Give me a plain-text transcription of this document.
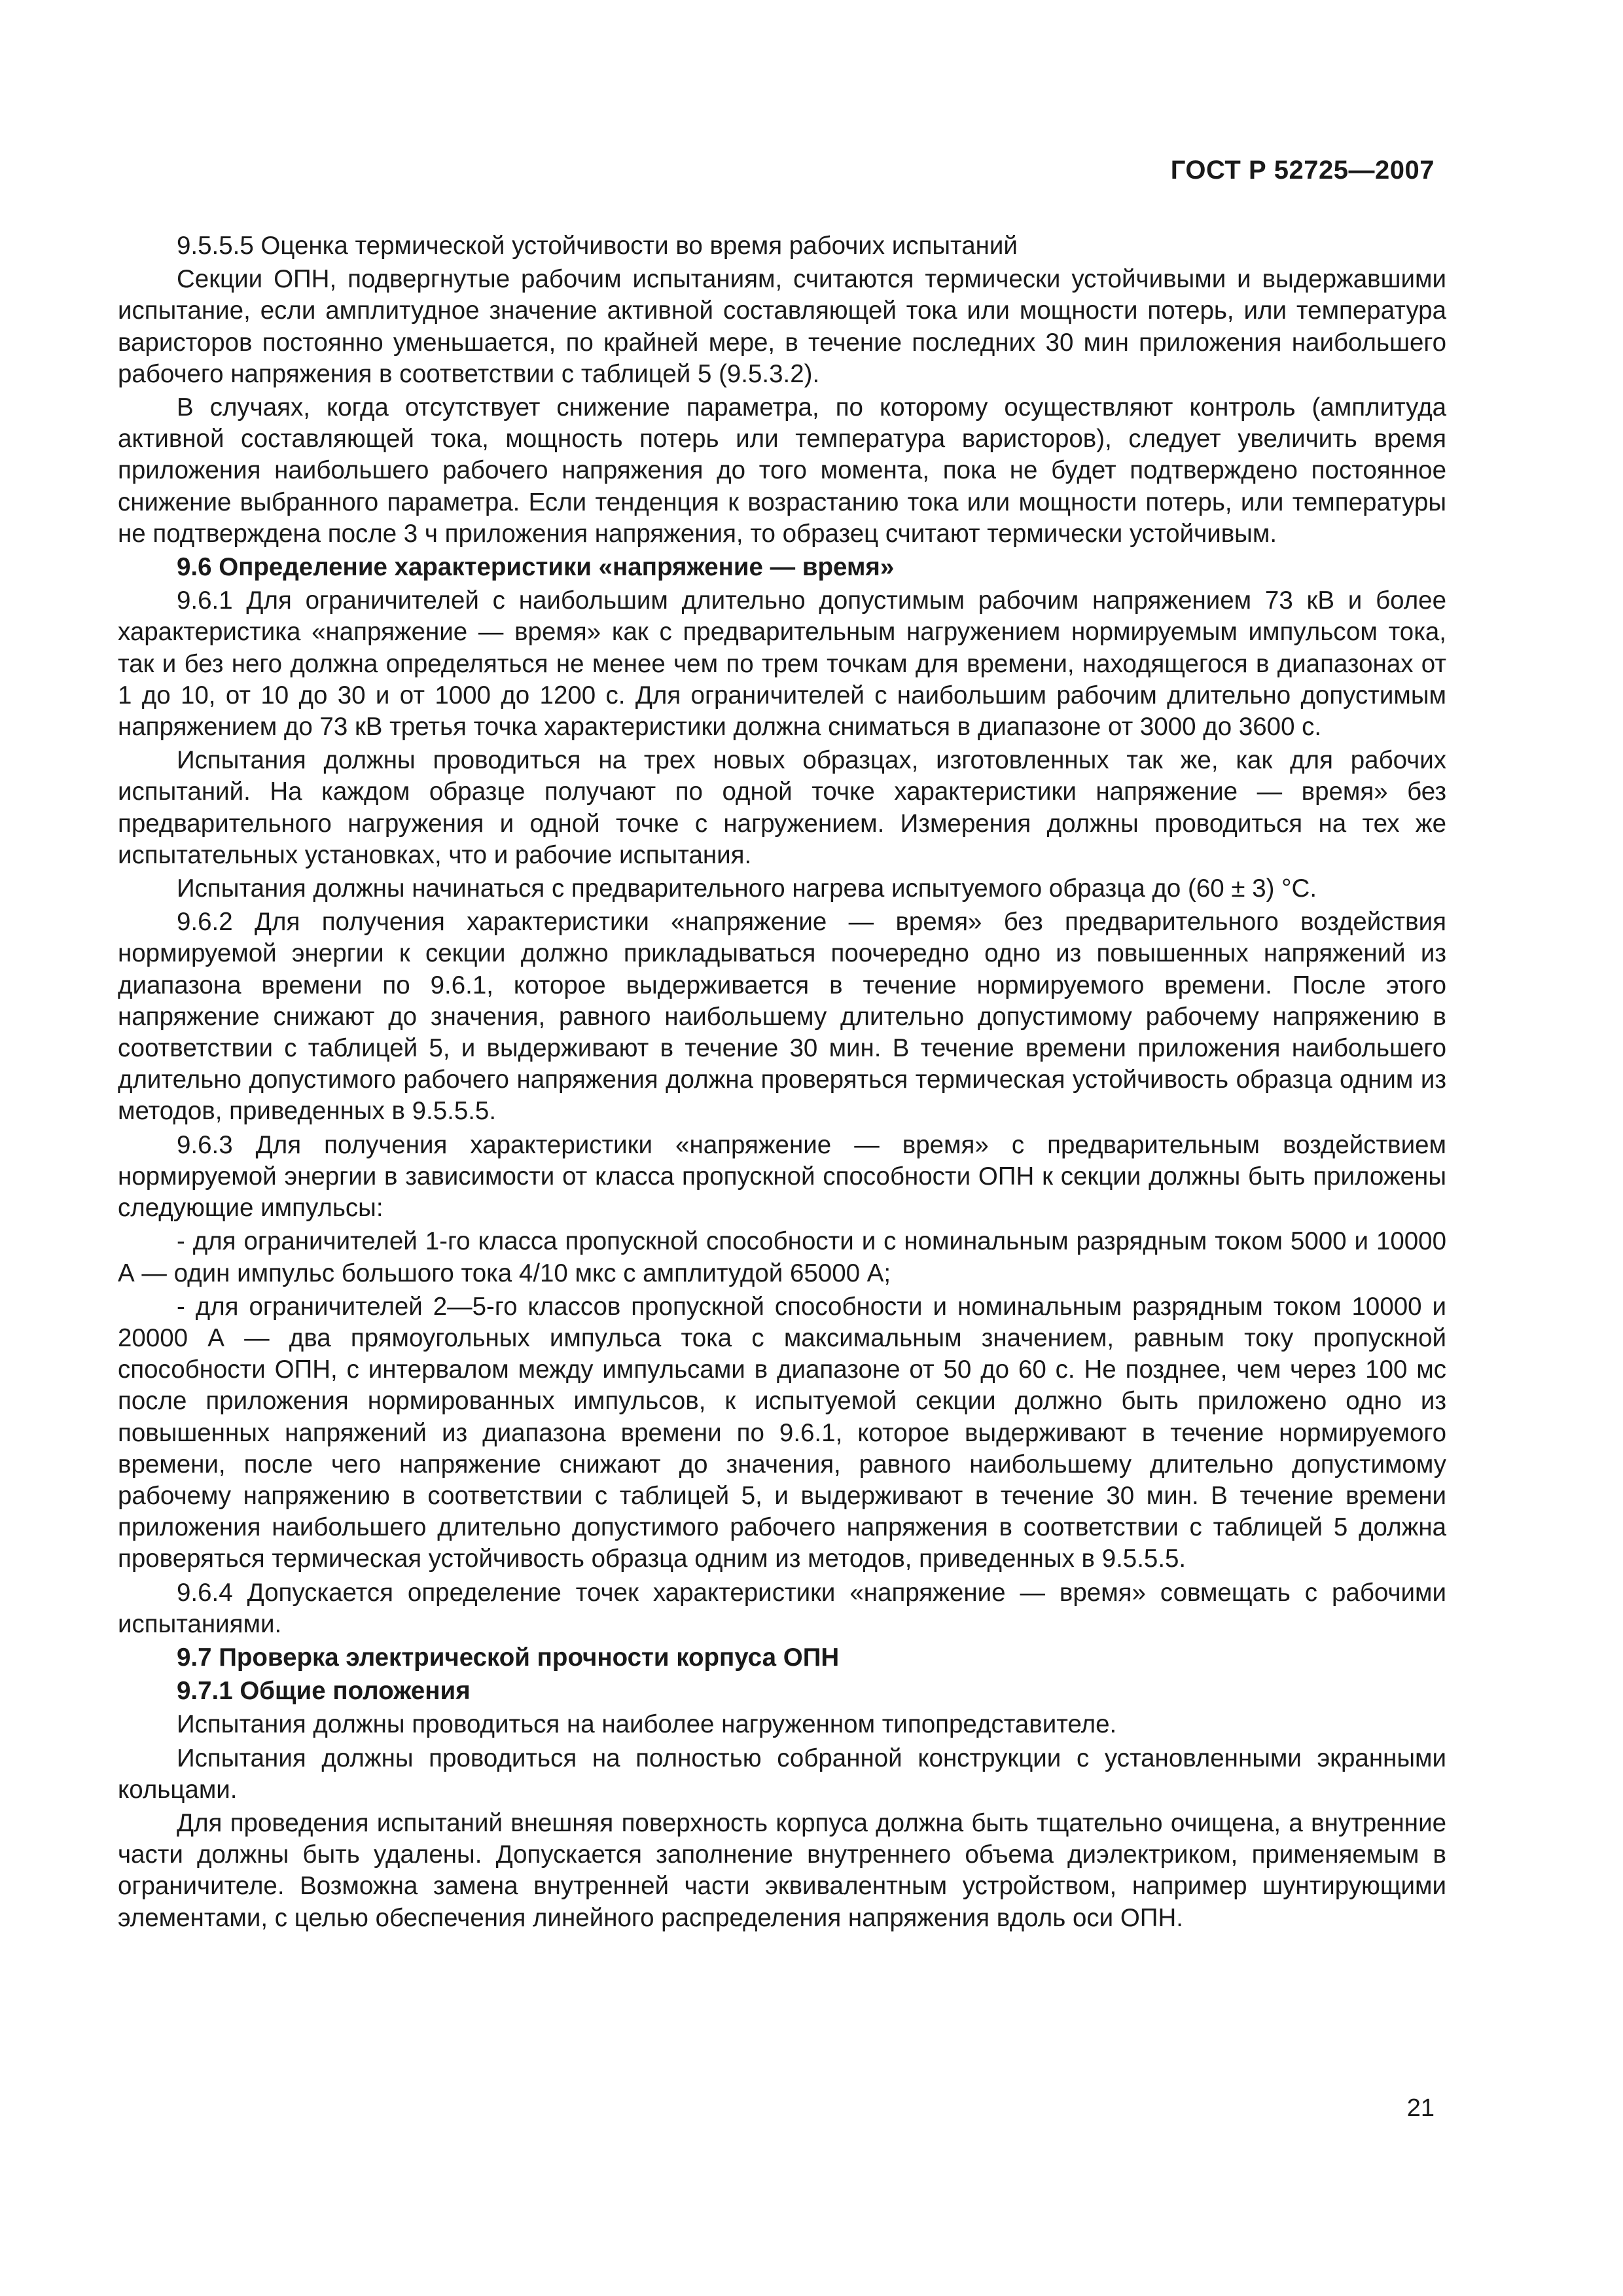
ГОСТ Р 52725—2007

9.5.5.5 Оценка термической устойчивости во время рабочих испытаний

Секции ОПН, подвергнутые рабочим испытаниям, считаются термически устойчивыми и выдержавшими испытание, если амплитудное значение активной составляющей тока или мощности потерь, или температура варисторов постоянно уменьшается, по крайней мере, в течение последних 30 мин приложения наибольшего рабочего напряжения в соответствии с таблицей 5 (9.5.3.2).

В случаях, когда отсутствует снижение параметра, по которому осуществляют контроль (амплитуда активной составляющей тока, мощность потерь или температура варисторов), следует увеличить время приложения наибольшего рабочего напряжения до того момента, пока не будет подтверждено постоянное снижение выбранного параметра. Если тенденция к возрастанию тока или мощности потерь, или температуры не подтверждена после 3 ч приложения напряжения, то образец считают термически устойчивым.

9.6 Определение характеристики «напряжение — время»

9.6.1 Для ограничителей с наибольшим длительно допустимым рабочим напряжением 73 кВ и более характеристика «напряжение — время» как с предварительным нагружением нормируемым импульсом тока, так и без него должна определяться не менее чем по трем точкам для времени, находящегося в диапазонах от 1 до 10, от 10 до 30 и от 1000 до 1200 с. Для ограничителей с наибольшим рабочим длительно допустимым напряжением до 73 кВ третья точка характеристики должна сниматься в диапазоне от 3000 до 3600 с.

Испытания должны проводиться на трех новых образцах, изготовленных так же, как для рабочих испытаний. На каждом образце получают по одной точке характеристики напряжение — время» без предварительного нагружения и одной точке с нагружением. Измерения должны проводиться на тех же испытательных установках, что и рабочие испытания.

Испытания должны начинаться с предварительного нагрева испытуемого образца до (60 ± 3) °С.

9.6.2 Для получения характеристики «напряжение — время» без предварительного воздействия нормируемой энергии к секции должно прикладываться поочередно одно из повышенных напряжений из диапазона времени по 9.6.1, которое выдерживается в течение нормируемого времени. После этого напряжение снижают до значения, равного наибольшему длительно допустимому рабочему напряжению в соответствии с таблицей 5, и выдерживают в течение 30 мин. В течение времени приложения наибольшего длительно допустимого рабочего напряжения должна проверяться термическая устойчивость образца одним из методов, приведенных в 9.5.5.5.

9.6.3 Для получения характеристики «напряжение — время» с предварительным воздействием нормируемой энергии в зависимости от класса пропускной способности ОПН к секции должны быть приложены следующие импульсы:

- для ограничителей 1-го класса пропускной способности и с номинальным разрядным током 5000 и 10000 А — один импульс большого тока 4/10 мкс с амплитудой 65000 А;

- для ограничителей 2—5-го классов пропускной способности и номинальным разрядным током 10000 и 20000 А — два прямоугольных импульса тока с максимальным значением, равным току пропускной способности ОПН, с интервалом между импульсами в диапазоне от 50 до 60 с. Не позднее, чем через 100 мс после приложения нормированных импульсов, к испытуемой секции должно быть приложено одно из повышенных напряжений из диапазона времени по 9.6.1, которое выдерживают в течение нормируемого времени, после чего напряжение снижают до значения, равного наибольшему длительно допустимому рабочему напряжению в соответствии с таблицей 5, и выдерживают в течение 30 мин. В течение времени приложения наибольшего длительно допустимого рабочего напряжения в соответствии с таблицей 5 должна проверяться термическая устойчивость образца одним из методов, приведенных в 9.5.5.5.

9.6.4 Допускается определение точек характеристики «напряжение — время» совмещать с рабочими испытаниями.

9.7 Проверка электрической прочности корпуса ОПН

9.7.1 Общие положения

Испытания должны проводиться на наиболее нагруженном типопредставителе.

Испытания должны проводиться на полностью собранной конструкции с установленными экранными кольцами.

Для проведения испытаний внешняя поверхность корпуса должна быть тщательно очищена, а внутренние части должны быть удалены. Допускается заполнение внутреннего объема диэлектриком, применяемым в ограничителе. Возможна замена внутренней части эквивалентным устройством, например шунтирующими элементами, с целью обеспечения линейного распределения напряжения вдоль оси ОПН.

21
